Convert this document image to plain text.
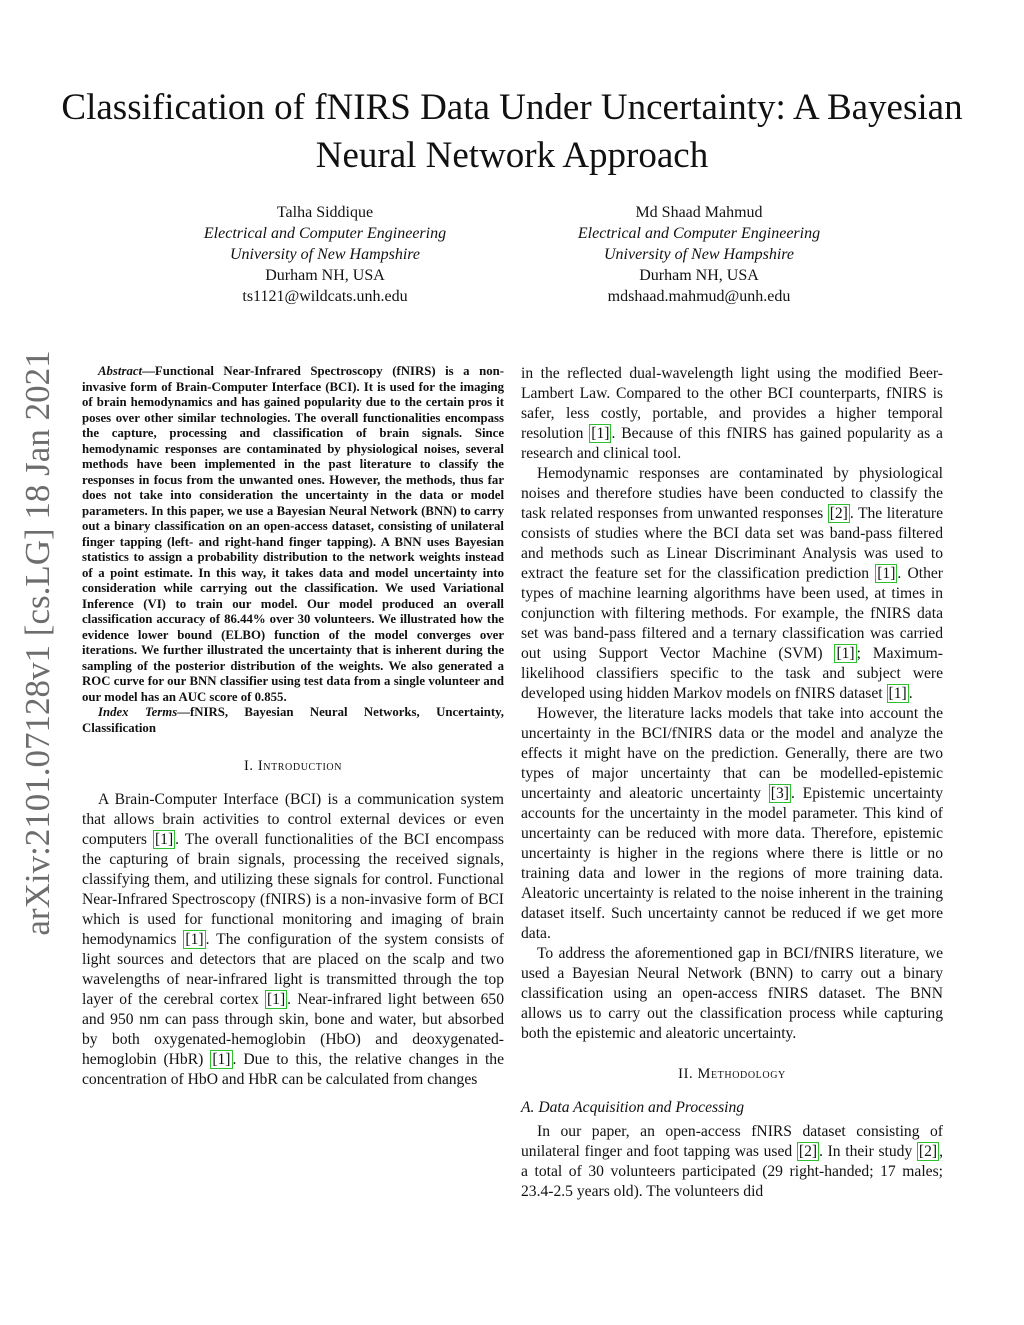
arXiv:2101.07128v1 [cs.LG] 18 Jan 2021
Classification of fNIRS Data Under Uncertainty: A Bayesian Neural Network Approach
Talha Siddique
Electrical and Computer Engineering
University of New Hampshire
Durham NH, USA
ts1121@wildcats.unh.edu
Md Shaad Mahmud
Electrical and Computer Engineering
University of New Hampshire
Durham NH, USA
mdshaad.mahmud@unh.edu

Abstract—Functional Near-Infrared Spectroscopy (fNIRS) is a non-invasive form of Brain-Computer Interface (BCI). It is used for the imaging of brain hemodynamics and has gained popularity due to the certain pros it poses over other similar technologies. The overall functionalities encompass the capture, processing and classification of brain signals. Since hemodynamic responses are contaminated by physiological noises, several methods have been implemented in the past literature to classify the responses in focus from the unwanted ones. However, the methods, thus far does not take into consideration the uncertainty in the data or model parameters. In this paper, we use a Bayesian Neural Network (BNN) to carry out a binary classification on an open-access dataset, consisting of unilateral finger tapping (left- and right-hand finger tapping). A BNN uses Bayesian statistics to assign a probability distribution to the network weights instead of a point estimate. In this way, it takes data and model uncertainty into consideration while carrying out the classification. We used Variational Inference (VI) to train our model. Our model produced an overall classification accuracy of 86.44% over 30 volunteers. We illustrated how the evidence lower bound (ELBO) function of the model converges over iterations. We further illustrated the uncertainty that is inherent during the sampling of the posterior distribution of the weights. We also generated a ROC curve for our BNN classifier using test data from a single volunteer and our model has an AUC score of 0.855.

Index Terms—fNIRS, Bayesian Neural Networks, Uncertainty, Classification

I. Introduction

A Brain-Computer Interface (BCI) is a communication system that allows brain activities to control external devices or even computers [1] . The overall functionalities of the BCI encompass the capturing of brain signals, processing the received signals, classifying them, and utilizing these signals for control. Functional Near-Infrared Spectroscopy (fNIRS) is a non-invasive form of BCI which is used for functional monitoring and imaging of brain hemodynamics [1] . The configuration of the system consists of light sources and detectors that are placed on the scalp and two wavelengths of near-infrared light is transmitted through the top layer of the cerebral cortex [1] . Near-infrared light between 650 and 950 nm can pass through skin, bone and water, but absorbed by both oxygenated-hemoglobin (HbO) and deoxygenated-hemoglobin (HbR) [1] . Due to this, the relative changes in the concentration of HbO and HbR can be calculated from changes

in the reflected dual-wavelength light using the modified Beer-Lambert Law. Compared to the other BCI counterparts, fNIRS is safer, less costly, portable, and provides a higher temporal resolution [1] . Because of this fNIRS has gained popularity as a research and clinical tool.

Hemodynamic responses are contaminated by physiological noises and therefore studies have been conducted to classify the task related responses from unwanted responses [2] . The literature consists of studies where the BCI data set was band-pass filtered and methods such as Linear Discriminant Analysis was used to extract the feature set for the classification prediction [1] . Other types of machine learning algorithms have been used, at times in conjunction with filtering methods. For example, the fNIRS data set was band-pass filtered and a ternary classification was carried out using Support Vector Machine (SVM) [1] ; Maximum-likelihood classifiers specific to the task and subject were developed using hidden Markov models on fNIRS dataset [1] .

However, the literature lacks models that take into account the uncertainty in the BCI/fNIRS data or the model and analyze the effects it might have on the prediction. Generally, there are two types of major uncertainty that can be modelled-epistemic uncertainty and aleatoric uncertainty [3] . Epistemic uncertainty accounts for the uncertainty in the model parameter. This kind of uncertainty can be reduced with more data. Therefore, epistemic uncertainty is higher in the regions where there is little or no training data and lower in the regions of more training data. Aleatoric uncertainty is related to the noise inherent in the training dataset itself. Such uncertainty cannot be reduced if we get more data.

To address the aforementioned gap in BCI/fNIRS literature, we used a Bayesian Neural Network (BNN) to carry out a binary classification using an open-access fNIRS dataset. The BNN allows us to carry out the classification process while capturing both the epistemic and aleatoric uncertainty.

II. Methodology
A. Data Acquisition and Processing

In our paper, an open-access fNIRS dataset consisting of unilateral finger and foot tapping was used [2] . In their study [2] , a total of 30 volunteers participated (29 right-handed; 17 males; 23.4-2.5 years old). The volunteers did
